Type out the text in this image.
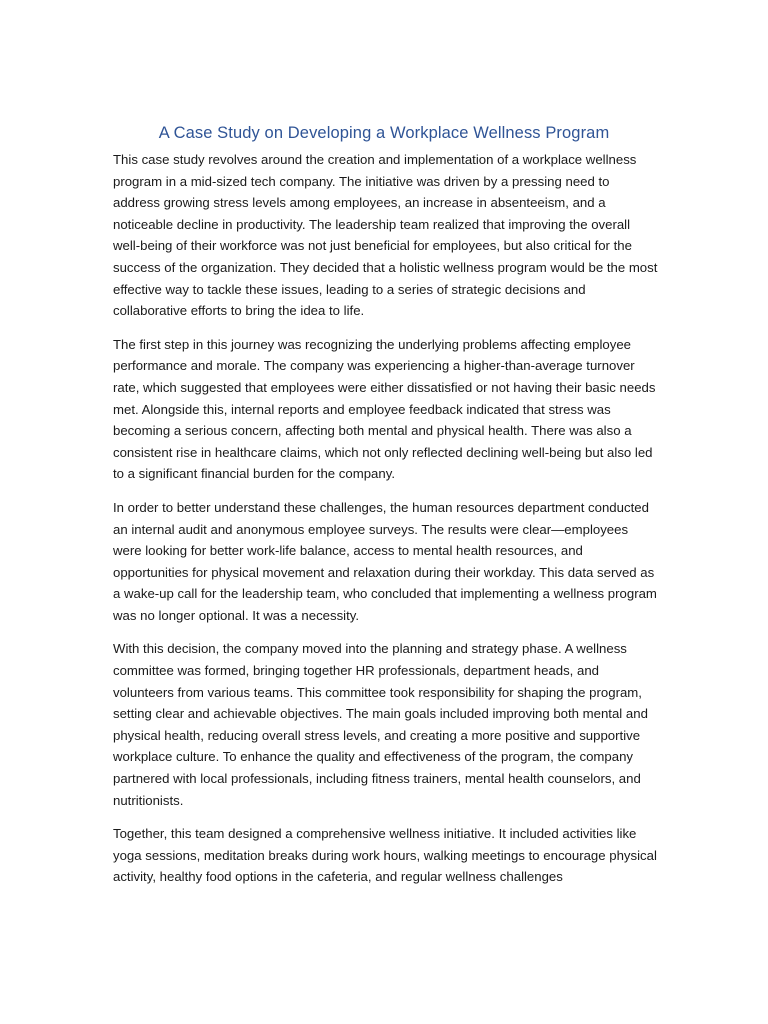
A Case Study on Developing a Workplace Wellness Program

This case study revolves around the creation and implementation of a workplace wellness program in a mid-sized tech company. The initiative was driven by a pressing need to address growing stress levels among employees, an increase in absenteeism, and a noticeable decline in productivity. The leadership team realized that improving the overall well-being of their workforce was not just beneficial for employees, but also critical for the success of the organization. They decided that a holistic wellness program would be the most effective way to tackle these issues, leading to a series of strategic decisions and collaborative efforts to bring the idea to life.

The first step in this journey was recognizing the underlying problems affecting employee performance and morale. The company was experiencing a higher-than-average turnover rate, which suggested that employees were either dissatisfied or not having their basic needs met. Alongside this, internal reports and employee feedback indicated that stress was becoming a serious concern, affecting both mental and physical health. There was also a consistent rise in healthcare claims, which not only reflected declining well-being but also led to a significant financial burden for the company.

In order to better understand these challenges, the human resources department conducted an internal audit and anonymous employee surveys. The results were clear—employees were looking for better work-life balance, access to mental health resources, and opportunities for physical movement and relaxation during their workday. This data served as a wake-up call for the leadership team, who concluded that implementing a wellness program was no longer optional. It was a necessity.

With this decision, the company moved into the planning and strategy phase. A wellness committee was formed, bringing together HR professionals, department heads, and volunteers from various teams. This committee took responsibility for shaping the program, setting clear and achievable objectives. The main goals included improving both mental and physical health, reducing overall stress levels, and creating a more positive and supportive workplace culture. To enhance the quality and effectiveness of the program, the company partnered with local professionals, including fitness trainers, mental health counselors, and nutritionists.

Together, this team designed a comprehensive wellness initiative. It included activities like yoga sessions, meditation breaks during work hours, walking meetings to encourage physical activity, healthy food options in the cafeteria, and regular wellness challenges
